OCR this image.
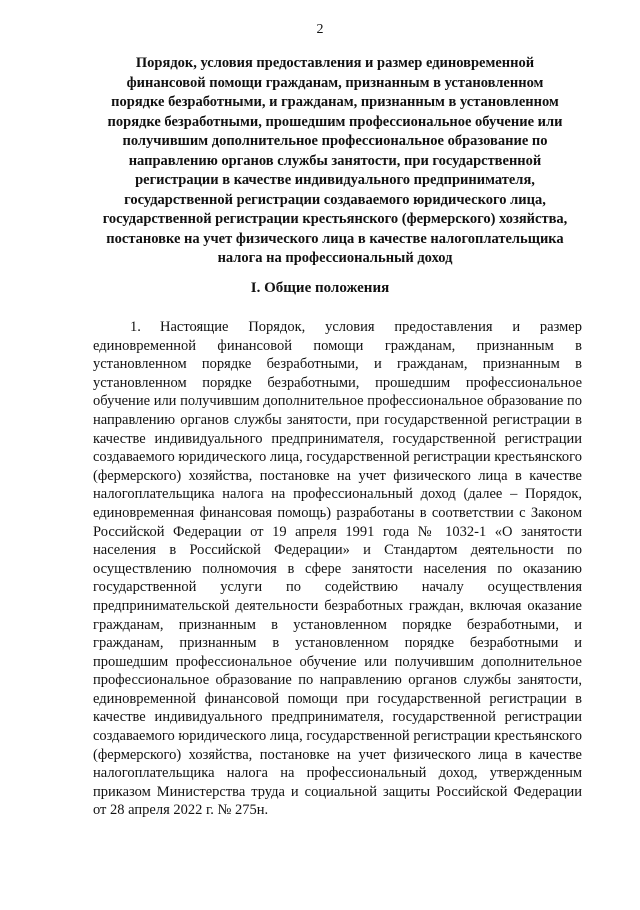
2
Порядок, условия предоставления и размер единовременной финансовой помощи гражданам, признанным в установленном порядке безработными, и гражданам, признанным в установленном порядке безработными, прошедшим профессиональное обучение или получившим дополнительное профессиональное образование по направлению органов службы занятости, при государственной регистрации в качестве индивидуального предпринимателя, государственной регистрации создаваемого юридического лица, государственной регистрации крестьянского (фермерского) хозяйства, постановке на учет физического лица в качестве налогоплательщика налога на профессиональный доход
I. Общие положения

1. Настоящие Порядок, условия предоставления и размер единовременной финансовой помощи гражданам, признанным в установленном порядке безработными, и гражданам, признанным в установленном порядке безработными, прошедшим профессиональное обучение или получившим дополнительное профессиональное образование по направлению органов службы занятости, при государственной регистрации в качестве индивидуального предпринимателя, государственной регистрации создаваемого юридического лица, государственной регистрации крестьянского (фермерского) хозяйства, постановке на учет физического лица в качестве налогоплательщика налога на профессиональный доход (далее – Порядок, единовременная финансовая помощь) разработаны в соответствии с Законом Российской Федерации от 19 апреля 1991 года № 1032-1 «О занятости населения в Российской Федерации» и Стандартом деятельности по осуществлению полномочия в сфере занятости населения по оказанию государственной услуги по содействию началу осуществления предпринимательской деятельности безработных граждан, включая оказание гражданам, признанным в установленном порядке безработными, и гражданам, признанным в установленном порядке безработными и прошедшим профессиональное обучение или получившим дополнительное профессиональное образование по направлению органов службы занятости, единовременной финансовой помощи при государственной регистрации в качестве индивидуального предпринимателя, государственной регистрации создаваемого юридического лица, государственной регистрации крестьянского (фермерского) хозяйства, постановке на учет физического лица в качестве налогоплательщика налога на профессиональный доход, утвержденным приказом Министерства труда и социальной защиты Российской Федерации от 28 апреля 2022 г. № 275н.
